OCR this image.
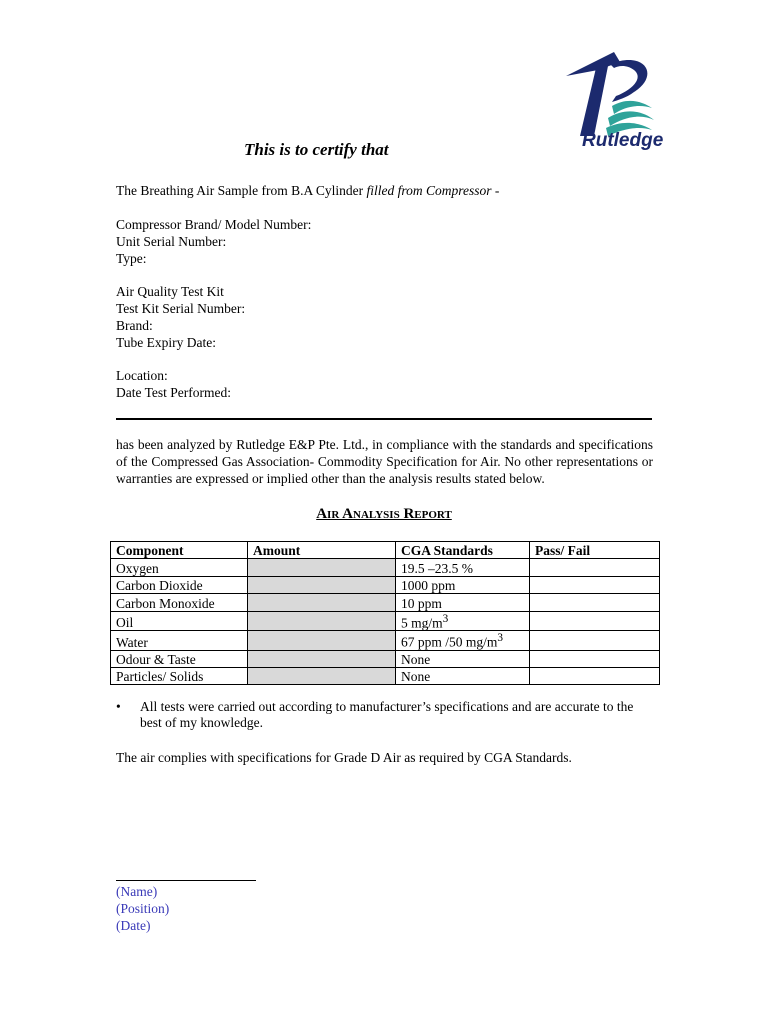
Rutledge
This is to certify that
The Breathing Air Sample from B.A Cylinder filled from Compressor -
Compressor Brand/ Model Number:
Unit Serial Number:
Type:
Air Quality Test Kit
Test Kit Serial Number:
Brand:
Tube Expiry Date:
Location:
Date Test Performed:
has been analyzed by Rutledge E&P Pte. Ltd., in compliance with the standards and specifications of the Compressed Gas Association- Commodity Specification for Air. No other representations or warranties are expressed or implied other than the analysis results stated below.
Air Analysis Report
Component	Amount	CGA Standards	Pass/ Fail
Oxygen		19.5 –23.5 %	
Carbon Dioxide		1000 ppm	
Carbon Monoxide		10 ppm	
Oil		5 $mg/m^3$	
Water		67 ppm /50 $mg/m^3$	
Odour & Taste		None	
Particles/ Solids		None	
• All tests were carried out according to manufacturer’s specifications and are accurate to the best of my knowledge.
The air complies with specifications for Grade D Air as required by CGA Standards.
(Name)
(Position)
(Date)
